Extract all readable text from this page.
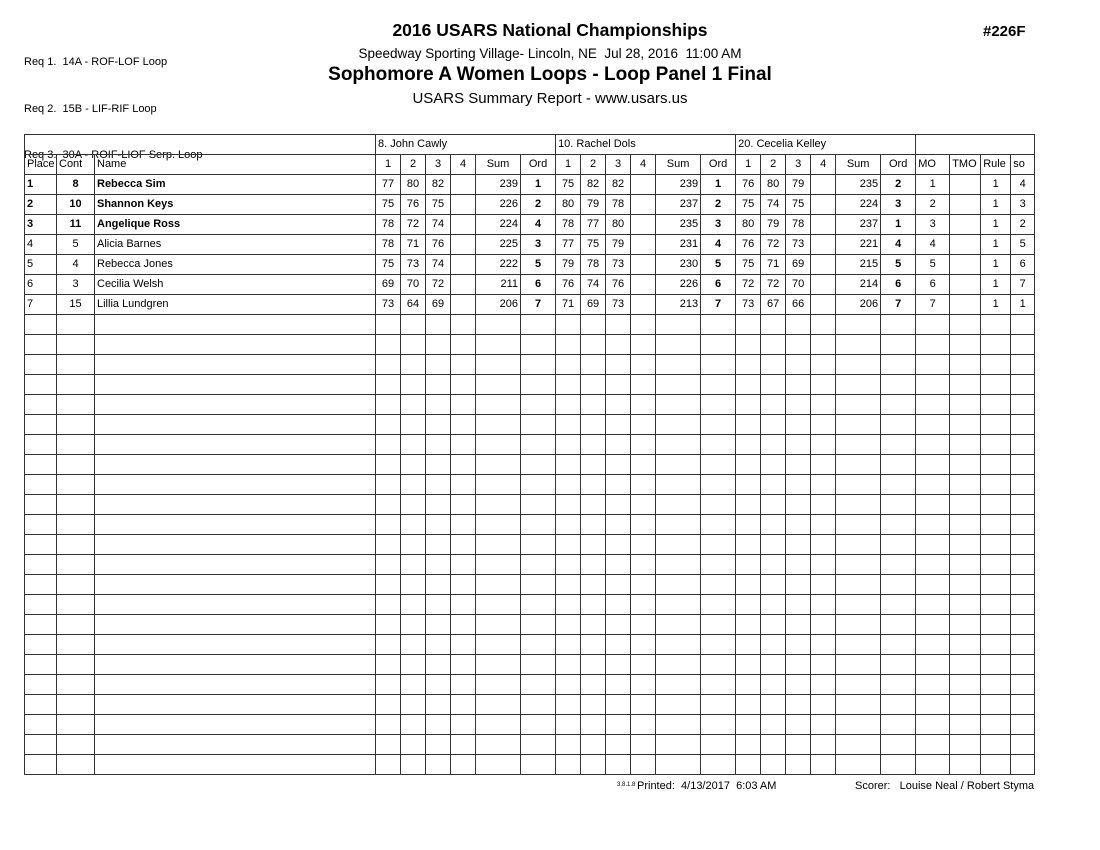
Req 1.  14A - ROF-LOF Loop

Req 2.  15B - LIF-RIF Loop

Req 3.  30A - ROIF-LIOF Serp. Loop

#226F
2016 USARS National Championships
Speedway Sporting Village- Lincoln, NE  Jul 28, 2016  11:00 AM
Sophomore A Women Loops - Loop Panel 1 Final
USARS Summary Report - www.usars.us
			8. John Cawly						10. Rachel Dols						20. Cecelia Kelley									
Place	Cont	Name	1	2	3	4	Sum	Ord	1	2	3	4	Sum	Ord	1	2	3	4	Sum	Ord	MO	TMO	Rule	so
1	8	Rebecca Sim	77	80	82		239	1	75	82	82		239	1	76	80	79		235	2	1		1	4
2	10	Shannon Keys	75	76	75		226	2	80	79	78		237	2	75	74	75		224	3	2		1	3
3	11	Angelique Ross	78	72	74		224	4	78	77	80		235	3	80	79	78		237	1	3		1	2
4	5	Alicia Barnes	78	71	76		225	3	77	75	79		231	4	76	72	73		221	4	4		1	5
5	4	Rebecca Jones	75	73	74		222	5	79	78	73		230	5	75	71	69		215	5	5		1	6
6	3	Cecilia Welsh	69	70	72		211	6	76	74	76		226	6	72	72	70		214	6	6		1	7
7	15	Lillia Lundgren	73	64	69		206	7	71	69	73		213	7	73	67	66		206	7	7		1	1

3.8.1.8 Printed:  4/13/2017  6:03 AM	Scorer:   Louise Neal / Robert Styma
